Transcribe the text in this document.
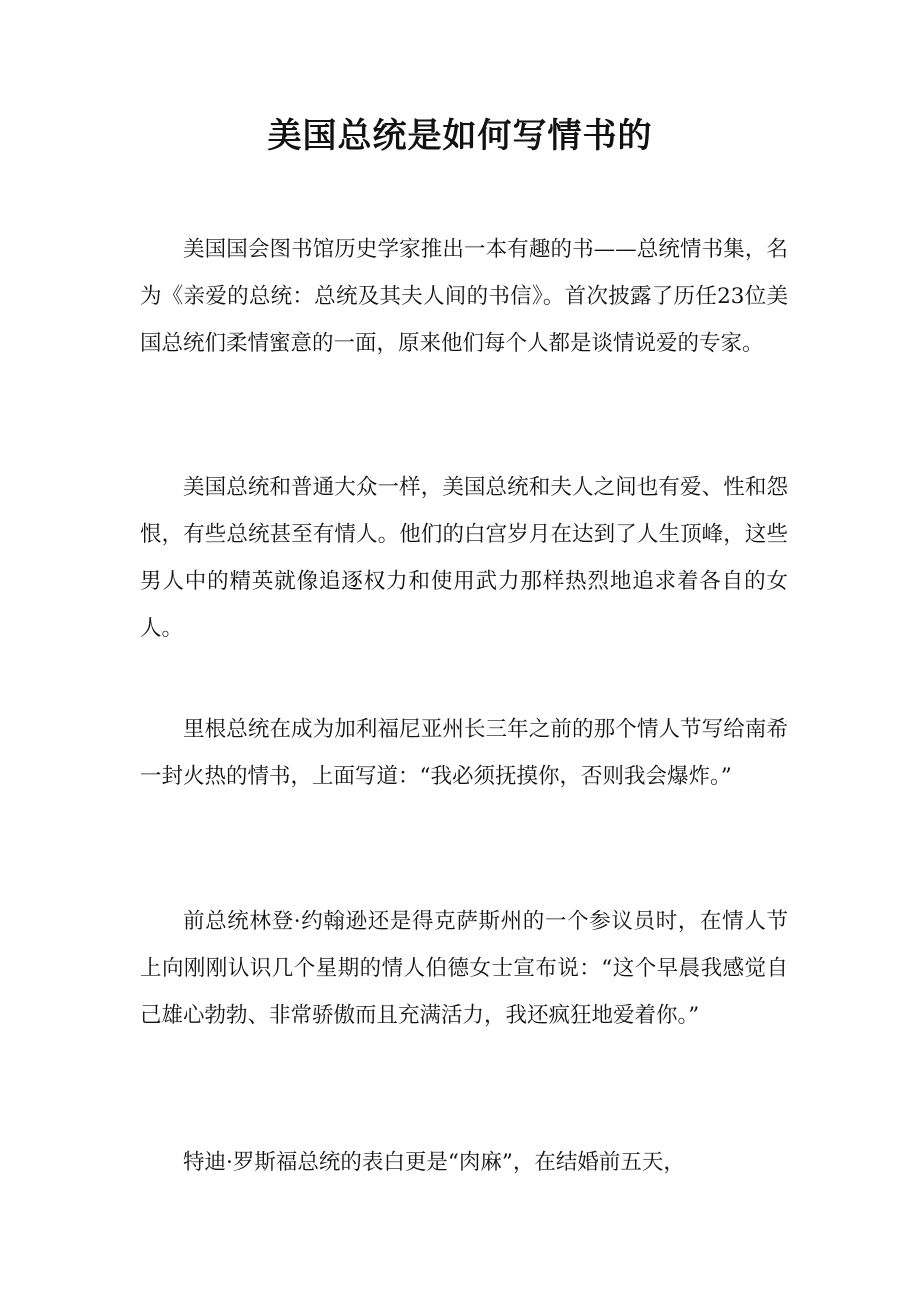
美国总统是如何写情书的

美国国会图书馆历史学家推出一本有趣的书——总统情书集，名为《亲爱的总统：总统及其夫人间的书信》。首次披露了历任23位美国总统们柔情蜜意的一面，原来他们每个人都是谈情说爱的专家。

美国总统和普通大众一样，美国总统和夫人之间也有爱、性和怨恨，有些总统甚至有情人。他们的白宫岁月在达到了人生顶峰，这些男人中的精英就像追逐权力和使用武力那样热烈地追求着各自的女人。

里根总统在成为加利福尼亚州长三年之前的那个情人节写给南希一封火热的情书，上面写道：“我必须抚摸你，否则我会爆炸。”

前总统林登·约翰逊还是得克萨斯州的一个参议员时，在情人节上向刚刚认识几个星期的情人伯德女士宣布说：“这个早晨我感觉自己雄心勃勃、非常骄傲而且充满活力，我还疯狂地爱着你。”

特迪·罗斯福总统的表白更是“肉麻”，在结婚前五天，
